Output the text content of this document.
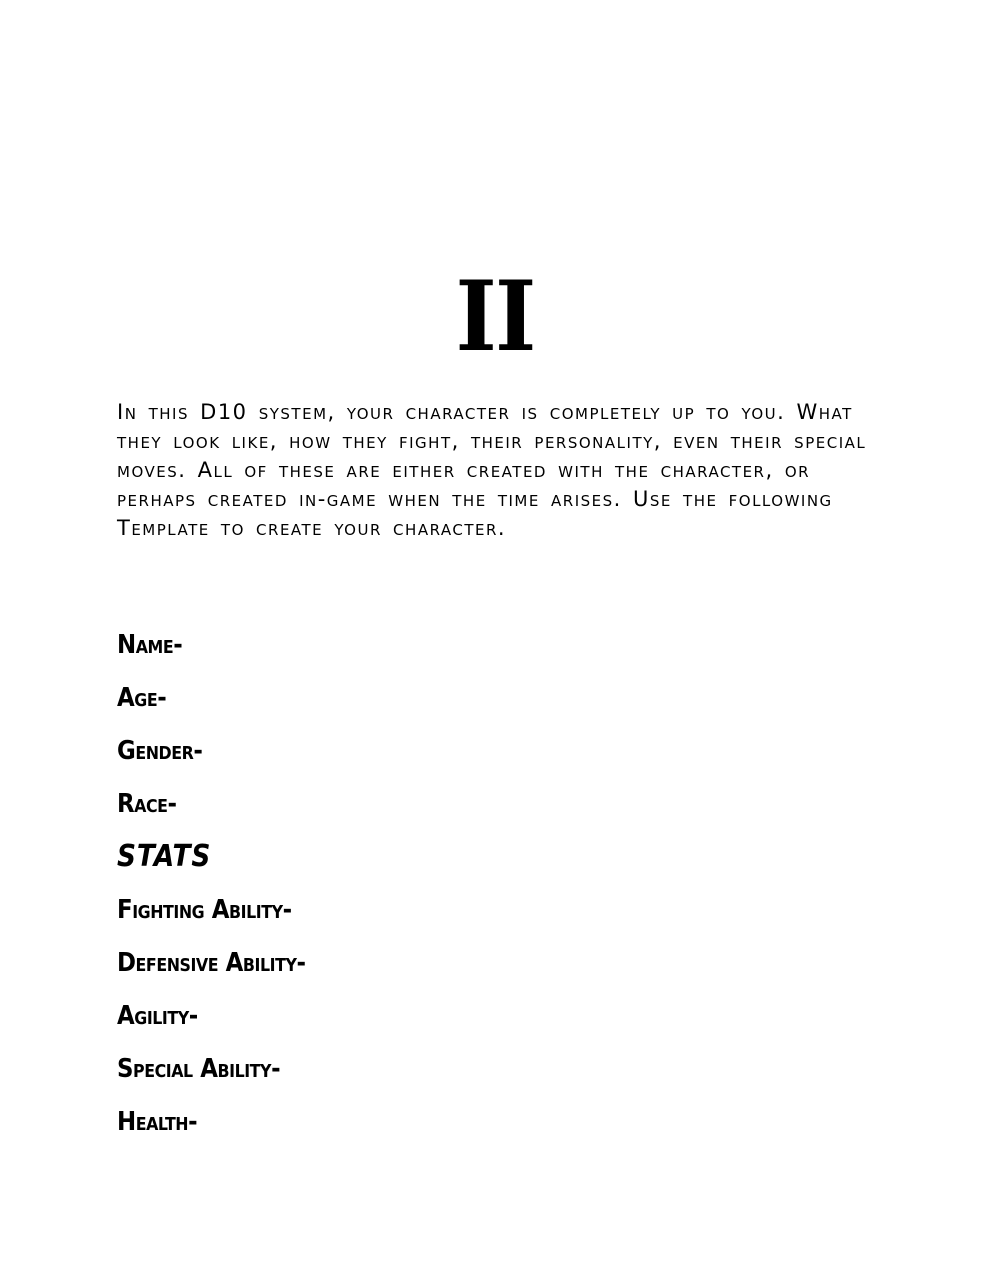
II

In this D10 system, your character is completely up to you. What they look like, how they fight, their personality, even their special moves. All of these are either created with the character, or perhaps created in-game when the time arises. Use the following Template to create your character.

Name-
Age-
Gender-
Race-
STATS
Fighting Ability-
Defensive Ability-
Agility-
Special Ability-
Health-
